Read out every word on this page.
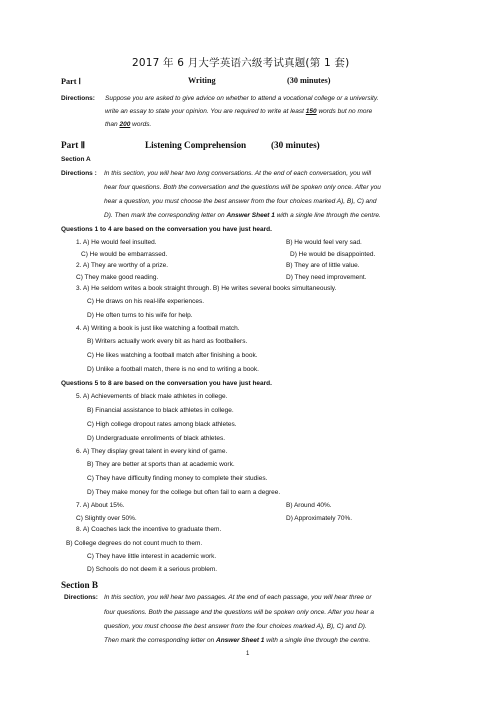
2017 年 6 月大学英语六级考试真题(第 1 套)
Part Ⅰ	Writing	(30 minutes)
Directions: Suppose you are asked to give advice on whether to attend a vocational college or a university.
write an essay to state your opinion. You are required to write at least 150 words but no more
than 200 words.
Part Ⅱ	Listening Comprehension	(30 minutes)
Section A
Directions : In this section, you will hear two long conversations. At the end of each conversation, you will
hear four questions. Both the conversation and the questions will be spoken only once. After you
hear a question, you must choose the best answer from the four choices marked A), B), C) and
D). Then mark the corresponding letter on Answer Sheet 1 with a single line through the centre.
Questions 1 to 4 are based on the conversation you have just heard.
1. A) He would feel insulted.	B) He would feel very sad.
C) He would be embarrassed.	D) He would be disappointed.
2. A) They are worthy of a prize.	B) They are of little value.
C) They make good reading.	D) They need improvement.
3. A) He seldom writes a book straight through. B) He writes several books simultaneously.
C) He draws on his real-life experiences.
D) He often turns to his wife for help.
4. A) Writing a book is just like watching a football match.
B) Writers actually work every bit as hard as footballers.
C) He likes watching a football match after finishing a book.
D) Unlike a football match, there is no end to writing a book.
Questions 5 to 8 are based on the conversation you have just heard.
5. A) Achievements of black male athletes in college.
B) Financial assistance to black athletes in college.
C) High college dropout rates among black athletes.
D) Undergraduate enrollments of black athletes.
6. A) They display great talent in every kind of game.
B) They are better at sports than at academic work.
C) They have difficulty finding money to complete their studies.
D) They make money for the college but often fail to earn a degree.
7. A) About 15%.	B) Around 40%.
C) Slightly over 50%.	D) Approximately 70%.
8. A) Coaches lack the incentive to graduate them.
B) College degrees do not count much to them.
C) They have little interest in academic work.
D) Schools do not deem it a serious problem.
Section B
Directions: In this section, you will hear two passages. At the end of each passage, you will hear three or
four questions. Both the passage and the questions will be spoken only once. After you hear a
question, you must choose the best answer from the four choices marked A), B), C) and D).
Then mark the corresponding letter on Answer Sheet 1 with a single line through the centre.
1
